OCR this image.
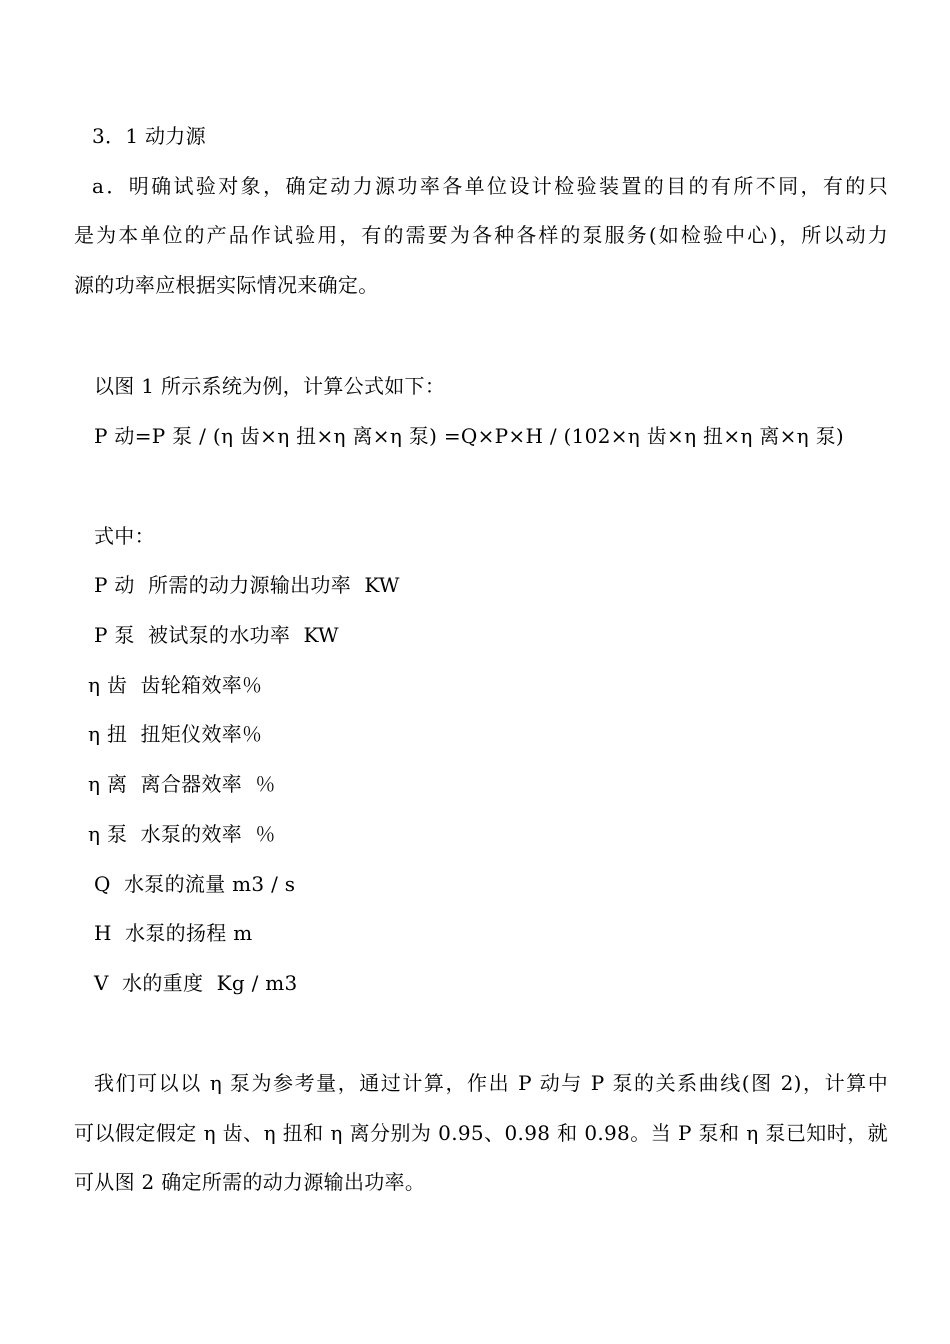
3．1 动力源
a．明确试验对象，确定动力源功率各单位设计检验装置的目的有所不同，有的只
是为本单位的产品作试验用，有的需要为各种各样的泵服务(如检验中心)，所以动力
源的功率应根据实际情况来确定。
以图 1 所示系统为例，计算公式如下：
P 动=P 泵 / (η 齿×η 扭×η 离×η 泵) =Q×P×H / (102×η 齿×η 扭×η 离×η 泵)
式中：
P 动  所需的动力源输出功率  KW
P 泵  被试泵的水功率  KW
η 齿  齿轮箱效率％
η 扭  扭矩仪效率％
η 离  离合器效率  ％
η 泵  水泵的效率  ％
Q  水泵的流量 m3 / s
H  水泵的扬程 m
V  水的重度  Kg / m3
我们可以以 η 泵为参考量，通过计算，作出 P 动与 P 泵的关系曲线(图 2)，计算中
可以假定假定 η 齿、η 扭和 η 离分别为 0.95、0.98 和 0.98。当 P 泵和 η 泵已知时，就
可从图 2 确定所需的动力源输出功率。
